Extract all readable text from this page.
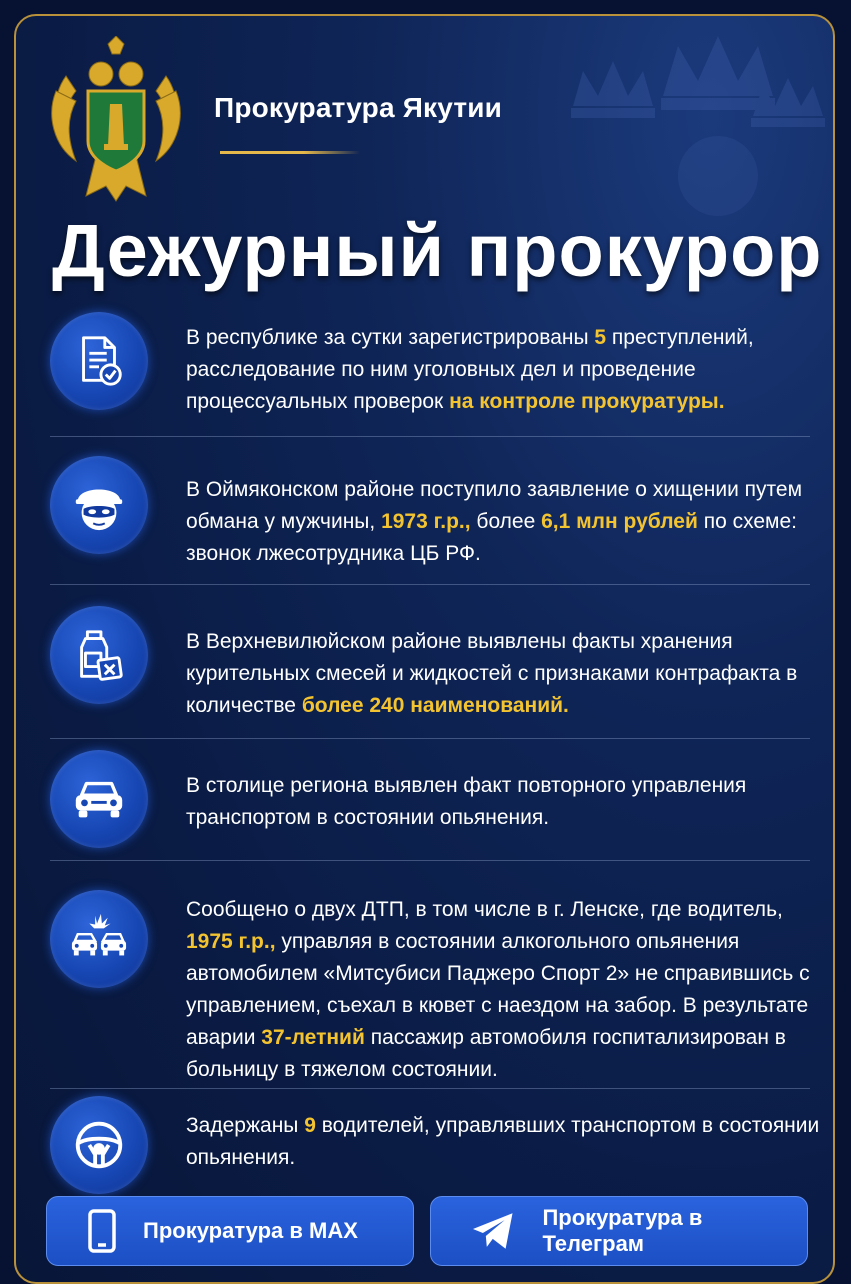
Прокуратура Якутии
Дежурный прокурор
В республике за сутки зарегистрированы 5 преступлений, расследование по ним уголовных дел и проведение процессуальных проверок на контроле прокуратуры.
В Оймяконском районе поступило заявление о хищении путем обмана у мужчины, 1973 г.р., более 6,1 млн рублей по схеме: звонок лжесотрудника ЦБ РФ.
В Верхневилюйском районе выявлены факты хранения курительных смесей и жидкостей с признаками контрафакта в количестве более 240 наименований.
В столице региона выявлен факт повторного управления транспортом в состоянии опьянения.
Сообщено о двух ДТП, в том числе в г. Ленске, где водитель, 1975 г.р., управляя в состоянии алкогольного опьянения автомобилем «Митсубиси Паджеро Спорт 2» не справившись с управлением, съехал в кювет с наездом на забор. В результате аварии 37-летний пассажир автомобиля госпитализирован в больницу в тяжелом состоянии.
Задержаны 9 водителей, управлявших транспортом в состоянии опьянения.
Прокуратура в MAX
Прокуратура в Телеграм
